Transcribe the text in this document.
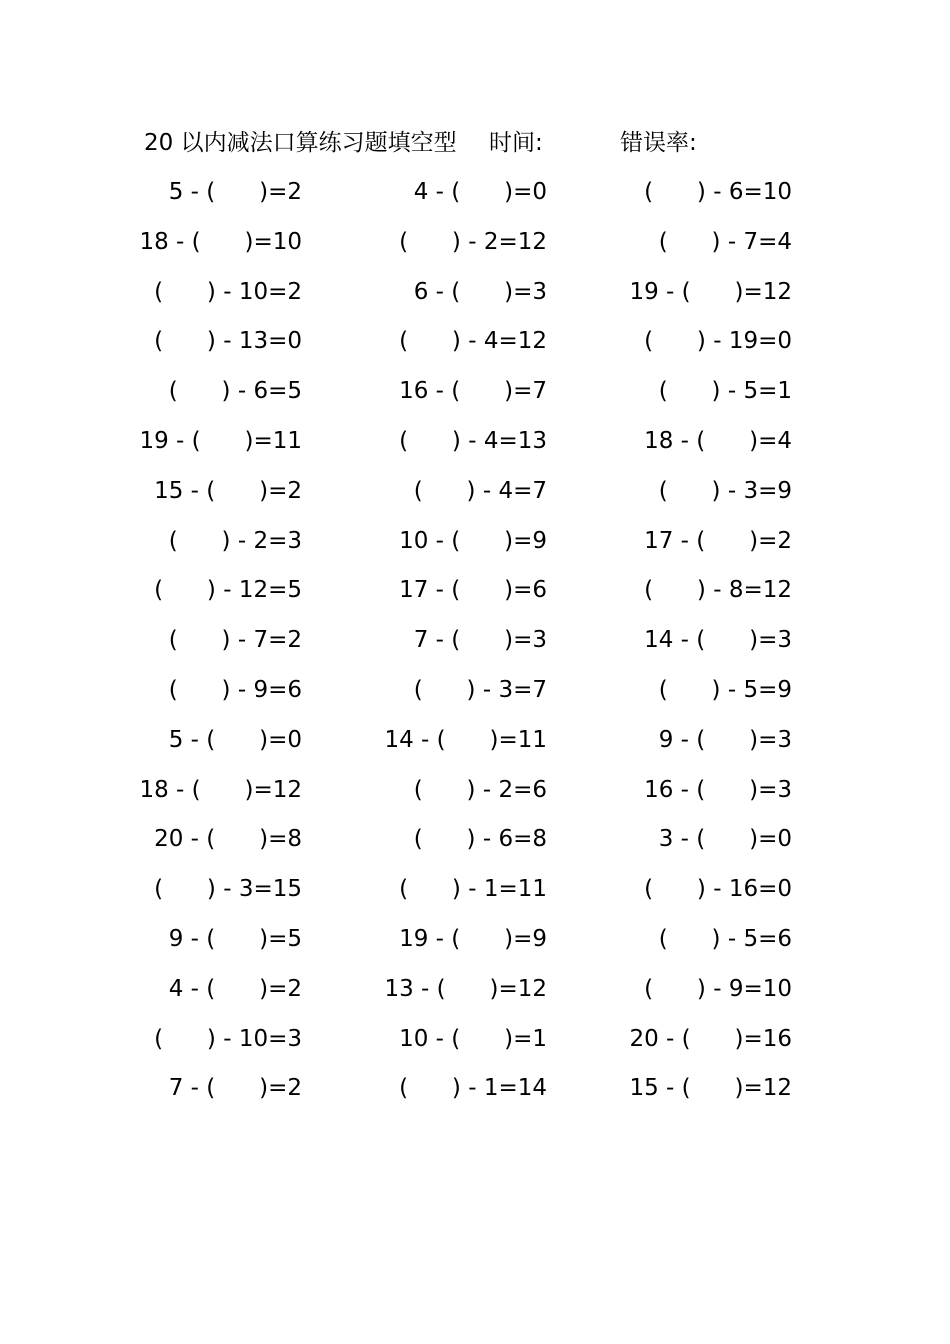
20 以内减法口算练习题填空型 时间:	错误率:
5 - (      )=2	4 - (      )=0	(      ) - 6=10
18 - (      )=10	(      ) - 2=12	(      ) - 7=4
(      ) - 10=2	6 - (      )=3	19 - (      )=12
(      ) - 13=0	(      ) - 4=12	(      ) - 19=0
(      ) - 6=5	16 - (      )=7	(      ) - 5=1
19 - (      )=11	(      ) - 4=13	18 - (      )=4
15 - (      )=2	(      ) - 4=7	(      ) - 3=9
(      ) - 2=3	10 - (      )=9	17 - (      )=2
(      ) - 12=5	17 - (      )=6	(      ) - 8=12
(      ) - 7=2	7 - (      )=3	14 - (      )=3
(      ) - 9=6	(      ) - 3=7	(      ) - 5=9
5 - (      )=0	14 - (      )=11	9 - (      )=3
18 - (      )=12	(      ) - 2=6	16 - (      )=3
20 - (      )=8	(      ) - 6=8	3 - (      )=0
(      ) - 3=15	(      ) - 1=11	(      ) - 16=0
9 - (      )=5	19 - (      )=9	(      ) - 5=6
4 - (      )=2	13 - (      )=12	(      ) - 9=10
(      ) - 10=3	10 - (      )=1	20 - (      )=16
7 - (      )=2	(      ) - 1=14	15 - (      )=12
